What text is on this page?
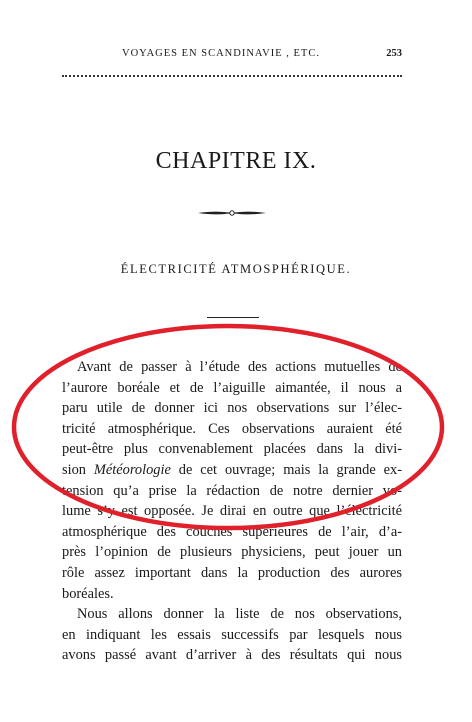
VOYAGES EN SCANDINAVIE , ETC.	253
CHAPITRE IX.
ÉLECTRICITÉ ATMOSPHÉRIQUE.
Avant de passer à l’étude des actions mutuelles de
l’aurore boréale et de l’aiguille aimantée, il nous a
paru utile de donner ici nos observations sur l’élec-
tricité atmosphérique. Ces observations auraient été
peut-être plus convenablement placées dans la divi-
sion Météorologie de cet ouvrage; mais la grande ex-
tension qu’a prise la rédaction de notre dernier vo-
lume s’y est opposée. Je dirai en outre que l’électricité
atmosphérique des couches supérieures de l’air, d’a-
près l’opinion de plusieurs physiciens, peut jouer un
rôle assez important dans la production des aurores
boréales.
Nous allons donner la liste de nos observations,
en indiquant les essais successifs par lesquels nous
avons passé avant d’arriver à des résultats qui nous
